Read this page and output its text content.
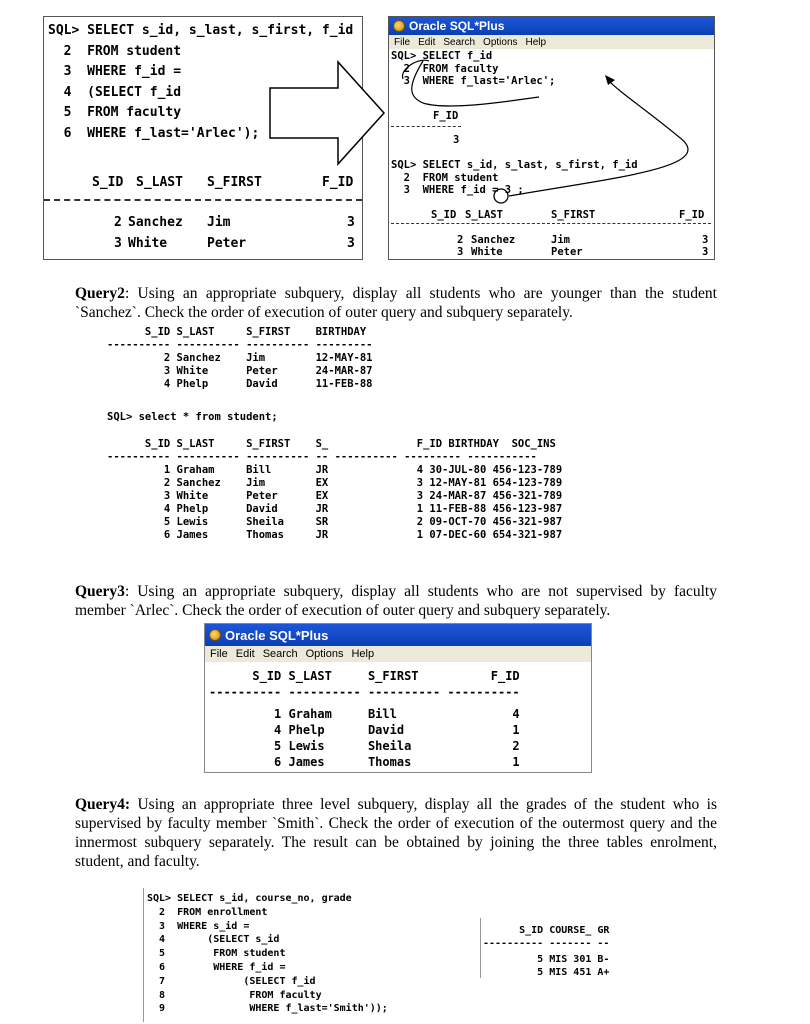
SQL> SELECT s_id, s_last, s_first, f_id
2  FROM student
3  WHERE f_id =
4  (SELECT f_id
5  FROM faculty
6  WHERE f_last='Arlec');
S_ID S_LAST S_FIRST	F_ID
2 Sanchez Jim	3
3 White	Peter	3
Oracle SQL*Plus
File Edit Search Options Help
SQL> SELECT f_id
2  FROM faculty
3  WHERE f_last='Arlec';
F_ID
3
SQL> SELECT s_id, s_last, s_first, f_id
2  FROM student
3  WHERE f_id = 3 ;
S_ID S_LAST	S_FIRST	F_ID
2 Sanchez	Jim	3
3 White	Peter	3
Query2: Using an appropriate subquery, display all students who are younger than the student `Sanchez`. Check the order of execution of outer query and subquery separately.
S_ID S_LAST     S_FIRST    BIRTHDAY
---------- ---------- ---------- ---------
2 Sanchez    Jim        12-MAY-81
3 White      Peter      24-MAR-87
4 Phelp      David      11-FEB-88
SQL> select * from student;
S_ID S_LAST     S_FIRST    S_              F_ID BIRTHDAY  SOC_INS
---------- ---------- ---------- -- ---------- --------- -----------
1 Graham     Bill       JR              4 30-JUL-80 456-123-789
2 Sanchez    Jim        EX              3 12-MAY-81 654-123-789
3 White      Peter      EX              3 24-MAR-87 456-321-789
4 Phelp      David      JR              1 11-FEB-88 456-123-987
5 Lewis      Sheila     SR              2 09-OCT-70 456-321-987
6 James      Thomas     JR              1 07-DEC-60 654-321-987
Query3: Using an appropriate subquery, display all students who are not supervised by faculty member `Arlec`. Check the order of execution of outer query and subquery separately.
Oracle SQL*Plus
File Edit Search Options Help
S_ID S_LAST     S_FIRST          F_ID
---------- ---------- ---------- ----------
1 Graham     Bill                4
4 Phelp      David               1
5 Lewis      Sheila              2
6 James      Thomas              1
Query4: Using an appropriate three level subquery, display all the grades of the student who is supervised by faculty member `Smith`. Check the order of execution of the outermost query and the innermost subquery separately. The result can be obtained by joining the three tables enrolment, student, and faculty.
SQL> SELECT s_id, course_no, grade
2  FROM enrollment
3  WHERE s_id =
4       (SELECT s_id
5        FROM student
6        WHERE f_id =
7             (SELECT f_id
8              FROM faculty
9              WHERE f_last='Smith'));
S_ID COURSE_ GR
---------- ------- --
5 MIS 301 B-
5 MIS 451 A+
